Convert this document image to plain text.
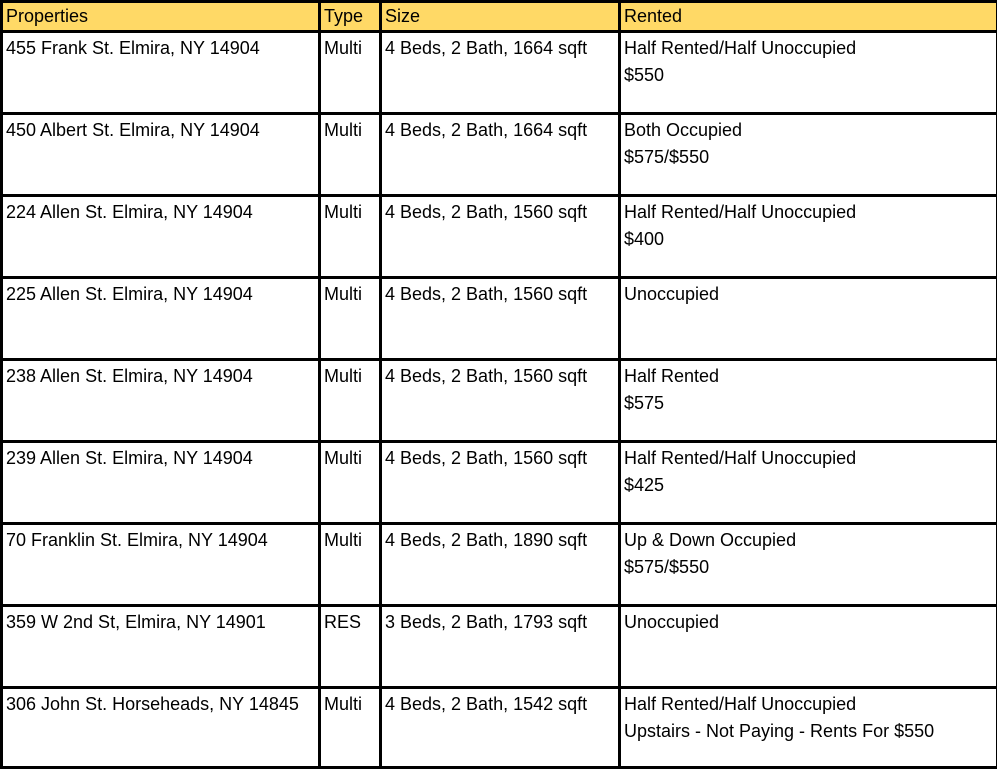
Properties	Type	Size	Rented

455 Frank St. Elmira, NY 14904	Multi	4 Beds, 2 Bath, 1664 sqft	Half Rented/Half Unoccupied
$550

450 Albert St. Elmira, NY 14904	Multi	4 Beds, 2 Bath, 1664 sqft	Both Occupied
$575/$550

224 Allen St. Elmira, NY 14904	Multi	4 Beds, 2 Bath, 1560 sqft	Half Rented/Half Unoccupied
$400

225 Allen St. Elmira, NY 14904	Multi	4 Beds, 2 Bath, 1560 sqft	Unoccupied

238 Allen St. Elmira, NY 14904	Multi	4 Beds, 2 Bath, 1560 sqft	Half Rented
$575

239 Allen St. Elmira, NY 14904	Multi	4 Beds, 2 Bath, 1560 sqft	Half Rented/Half Unoccupied
$425

70 Franklin St. Elmira, NY 14904	Multi	4 Beds, 2 Bath, 1890 sqft	Up & Down Occupied
$575/$550

359 W 2nd St, Elmira, NY 14901	RES	3 Beds, 2 Bath, 1793 sqft	Unoccupied

306 John St. Horseheads, NY 14845	Multi	4 Beds, 2 Bath, 1542 sqft	Half Rented/Half Unoccupied
Upstairs - Not Paying - Rents For $550
